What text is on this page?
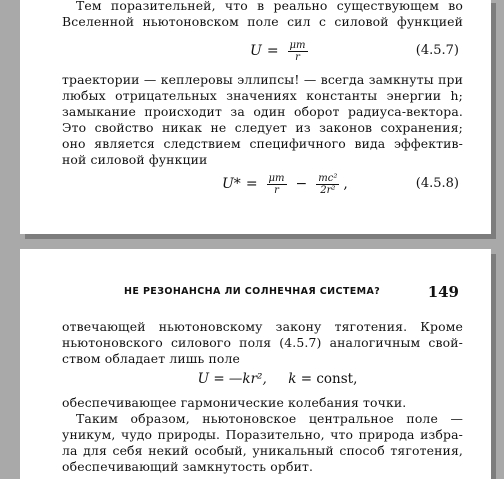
Тем поразительней, что в реально существующем во
Вселенной ньютоновском поле сил с силовой функцией
$U = \frac{\mu m}{r}$	(4.5.7)
траектории — кеплеровы эллипсы! — всегда замкнуты при
любых отрицательных значениях константы энергии h;
замыкание происходит за один оборот радиуса-вектора.
Это свойство никак не следует из законов сохранения;
оно является следствием специфичного вида эффектив-
ной силовой функции
$U* = \frac{\mu m}{r} - \frac{\text{mc²}}{\text{2r²}}$ ,	(4.5.8)
НЕ РЕЗОНАНСНА ЛИ СОЛНЕЧНАЯ СИСТЕМА?	149
отвечающей ньютоновскому закону тяготения. Кроме
ньютоновского силового поля (4.5.7) аналогичным свой-
ством обладает лишь поле
U = —kr², k = const,
обеспечивающее гармонические колебания точки.
Таким образом, ньютоновское центральное поле —
уникум, чудо природы. Поразительно, что природа избра-
ла для себя некий особый, уникальный способ тяготения,
обеспечивающий замкнутость орбит.
